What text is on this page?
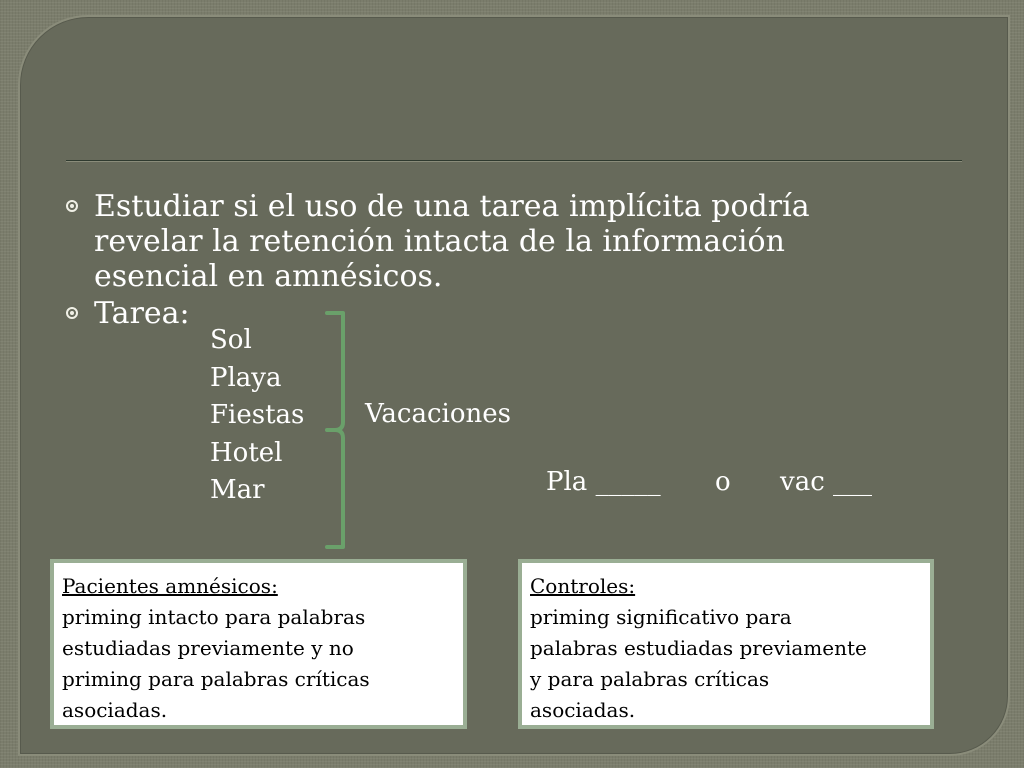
Estudiar si el uso de una tarea implícita podría
revelar la retención intacta de la información
esencial en amnésicos.
Tarea:
Sol
Playa
Fiestas
Hotel
Mar
Vacaciones
Pla _____ o vac ___
Pacientes amnésicos:
priming intacto para palabras
estudiadas previamente y no
priming para palabras críticas
asociadas.
Controles:
priming significativo para
palabras estudiadas previamente
y para palabras críticas
asociadas.
